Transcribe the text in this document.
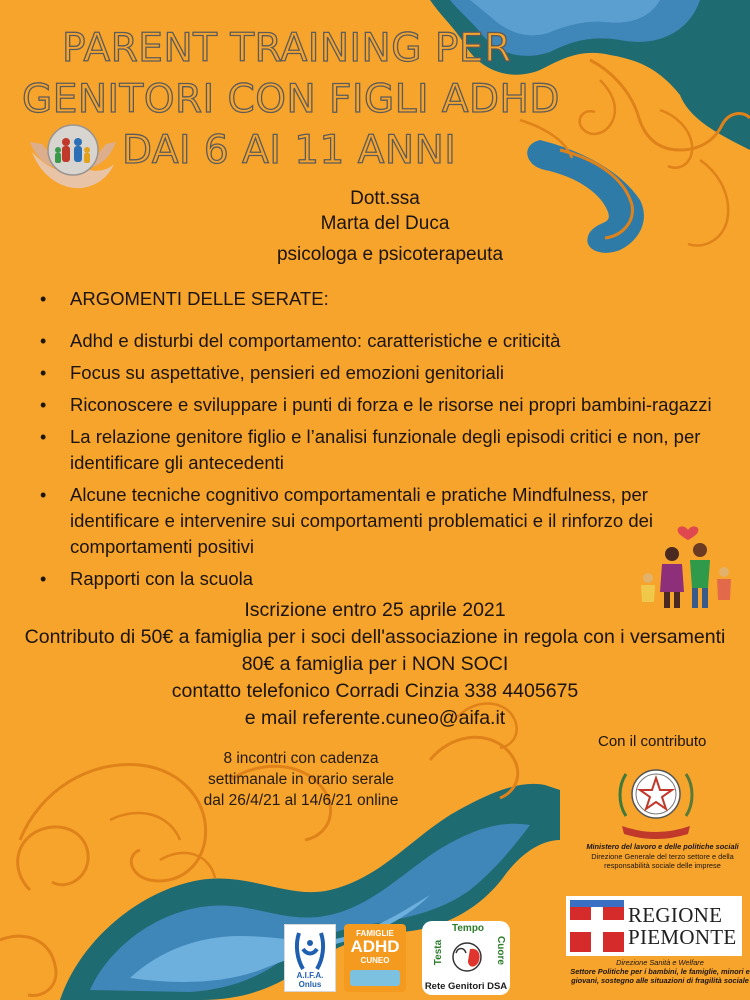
PARENT TRAINING PER
GENITORI CON FIGLI ADHD
DAI 6 AI 11 ANNI
Dott.ssa
Marta del Duca
psicologa e psicoterapeuta
• ARGOMENTI DELLE SERATE:
• Adhd e disturbi del comportamento: caratteristiche e criticità
• Focus su aspettative, pensieri ed emozioni genitoriali
• Riconoscere e sviluppare i punti di forza e le risorse nei propri bambini-ragazzi
• La relazione genitore figlio e l’analisi funzionale degli episodi critici e non, per identificare gli antecedenti
• Alcune tecniche cognitivo comportamentali e pratiche Mindfulness, per identificare e intervenire sui comportamenti problematici e il rinforzo dei comportamenti positivi
• Rapporti con la scuola
Iscrizione entro 25 aprile 2021
Contributo di 50€ a famiglia per i soci dell'associazione in regola con i versamenti
80€ a famiglia per i NON SOCI
contatto telefonico Corradi Cinzia 338 4405675
e mail referente.cuneo@aifa.it
8 incontri con cadenza settimanale in orario serale dal 26/4/21 al 14/6/21 online
Con il contributo
Ministero del lavoro e delle politiche sociali
Direzione Generale del terzo settore e della responsabilità sociale delle imprese
REGIONE
PIEMONTE
Direzione Sanità e Welfare
Settore Politiche per i bambini, le famiglie, minori e giovani, sostegno alle situazioni di fragilità sociale
A.I.F.A. Onlus
FAMIGLIE
ADHD
CUNEO
Tempo
Testa	Cuore
Rete Genitori DSA
